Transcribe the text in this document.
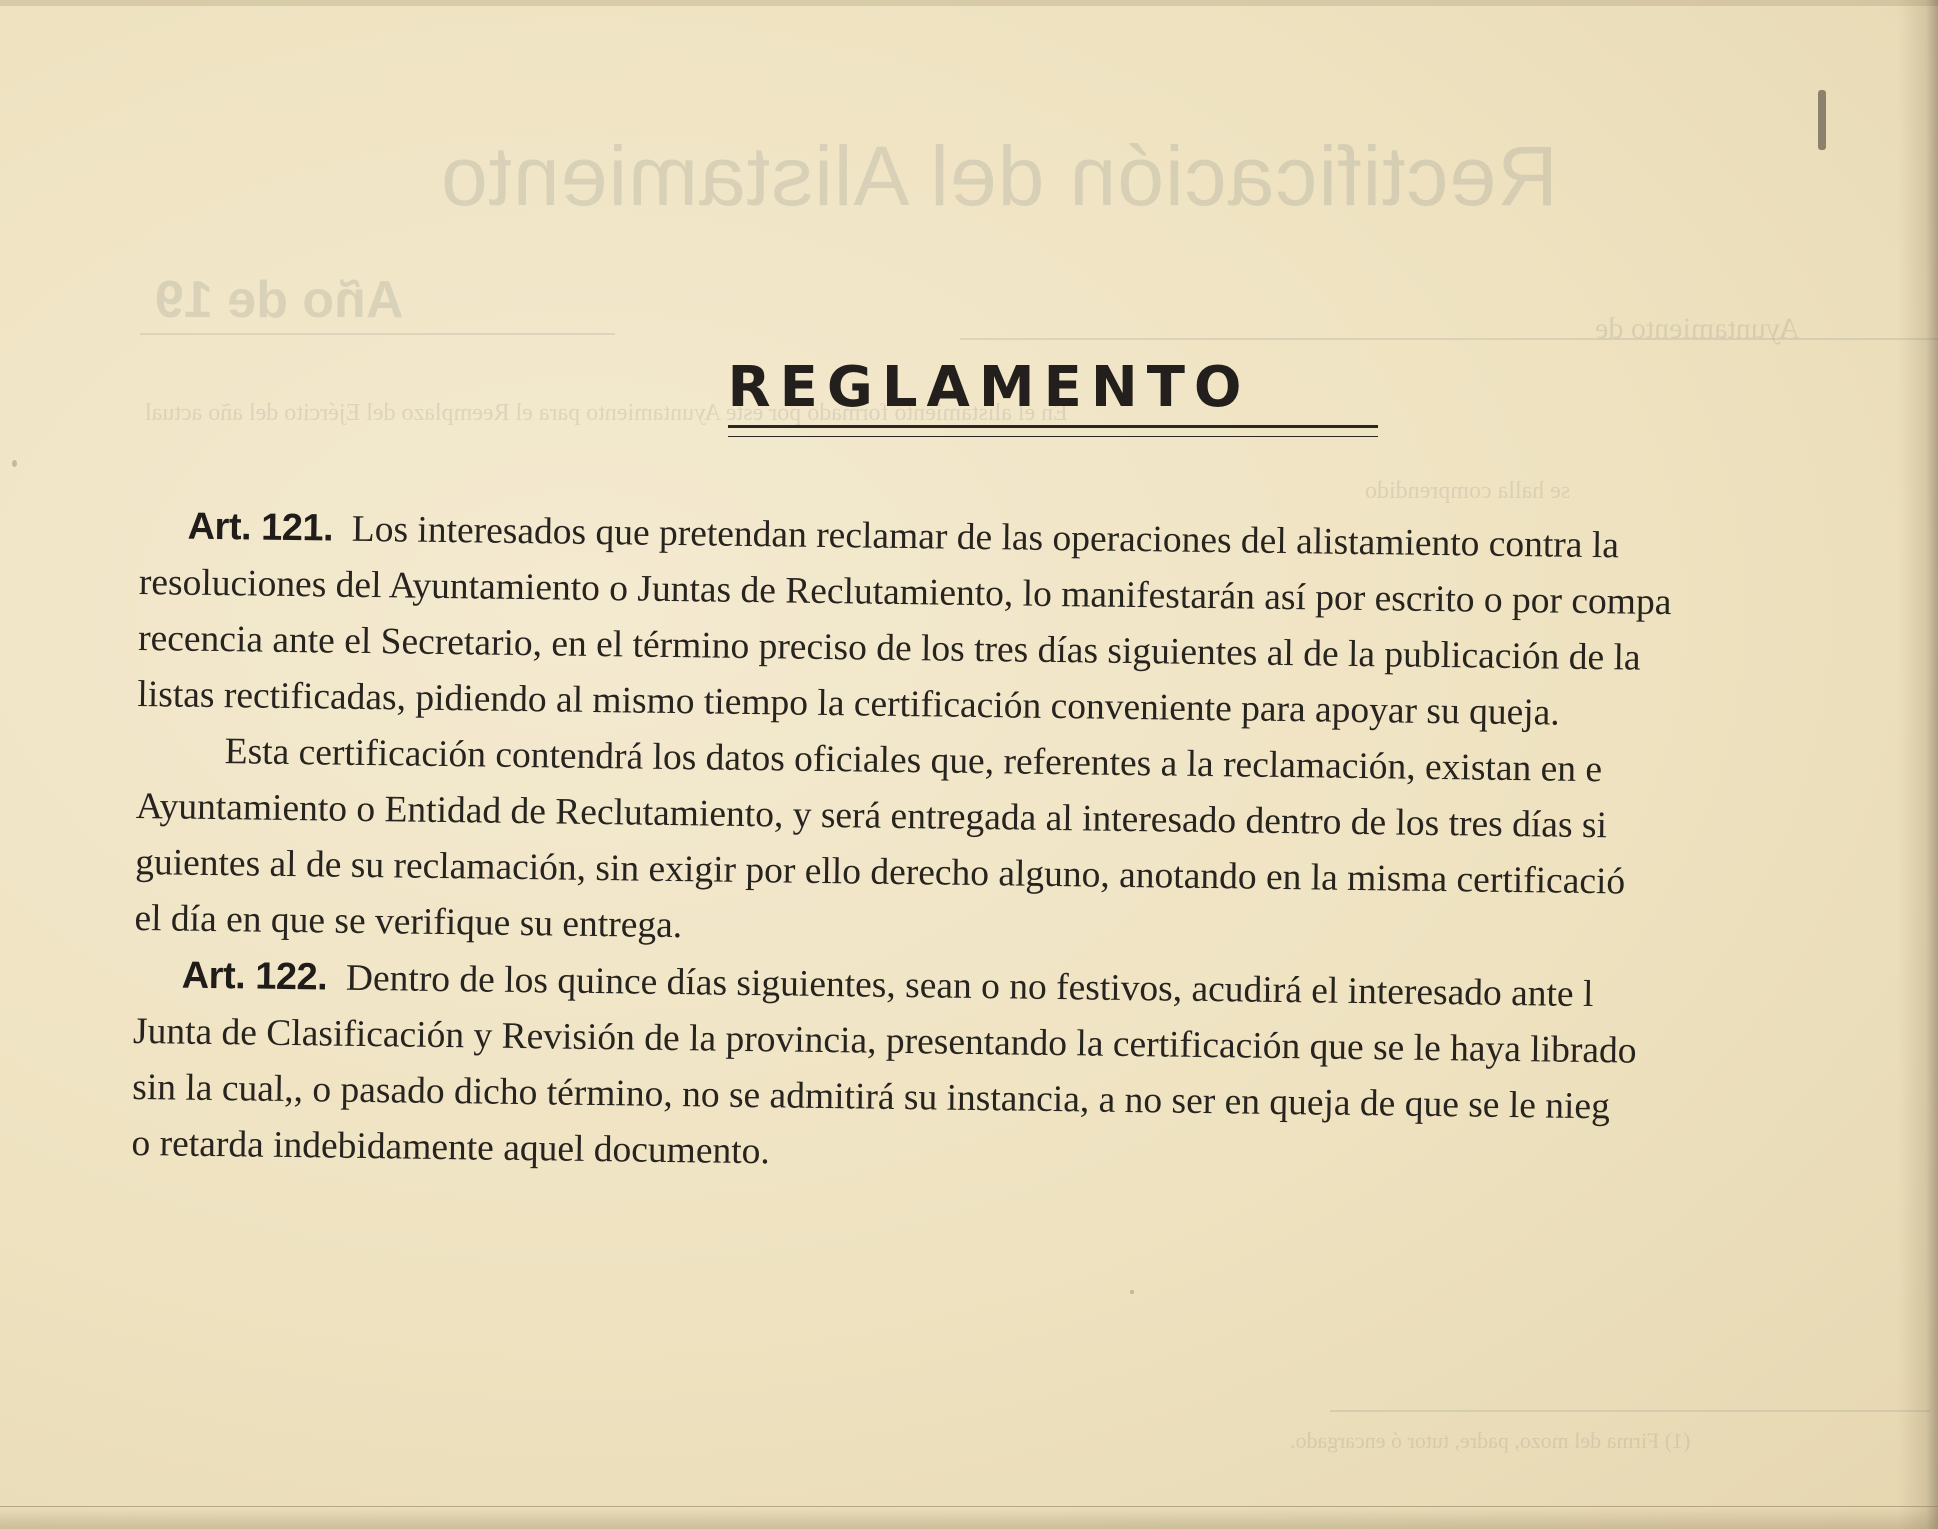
Rectificación del Alistamiento
Año de 19	Ayuntamiento de
En el alistamiento formado por este Ayuntamiento para el Reemplazo del Ejército del año actual
se halla comprendido
(1) Firma del mozo, padre, tutor ó encargado.
REGLAMENTO

Art. 121. Los interesados que pretendan reclamar de las operaciones del alistamiento contra la

resoluciones del Ayuntamiento o Juntas de Reclutamiento, lo manifestarán así por escrito o por compa

recencia ante el Secretario, en el término preciso de los tres días siguientes al de la publicación de la

listas rectificadas, pidiendo al mismo tiempo la certificación conveniente para apoyar su queja.

Esta certificación contendrá los datos oficiales que, referentes a la reclamación, existan en e

Ayuntamiento o Entidad de Reclutamiento, y será entregada al interesado dentro de los tres días si

guientes al de su reclamación, sin exigir por ello derecho alguno, anotando en la misma certificació

el día en que se verifique su entrega.

Art. 122. Dentro de los quince días siguientes, sean o no festivos, acudirá el interesado ante l

Junta de Clasificación y Revisión de la provincia, presentando la certificación que se le haya librado

sin la cual,, o pasado dicho término, no se admitirá su instancia, a no ser en queja de que se le nieg

o retarda indebidamente aquel documento.
